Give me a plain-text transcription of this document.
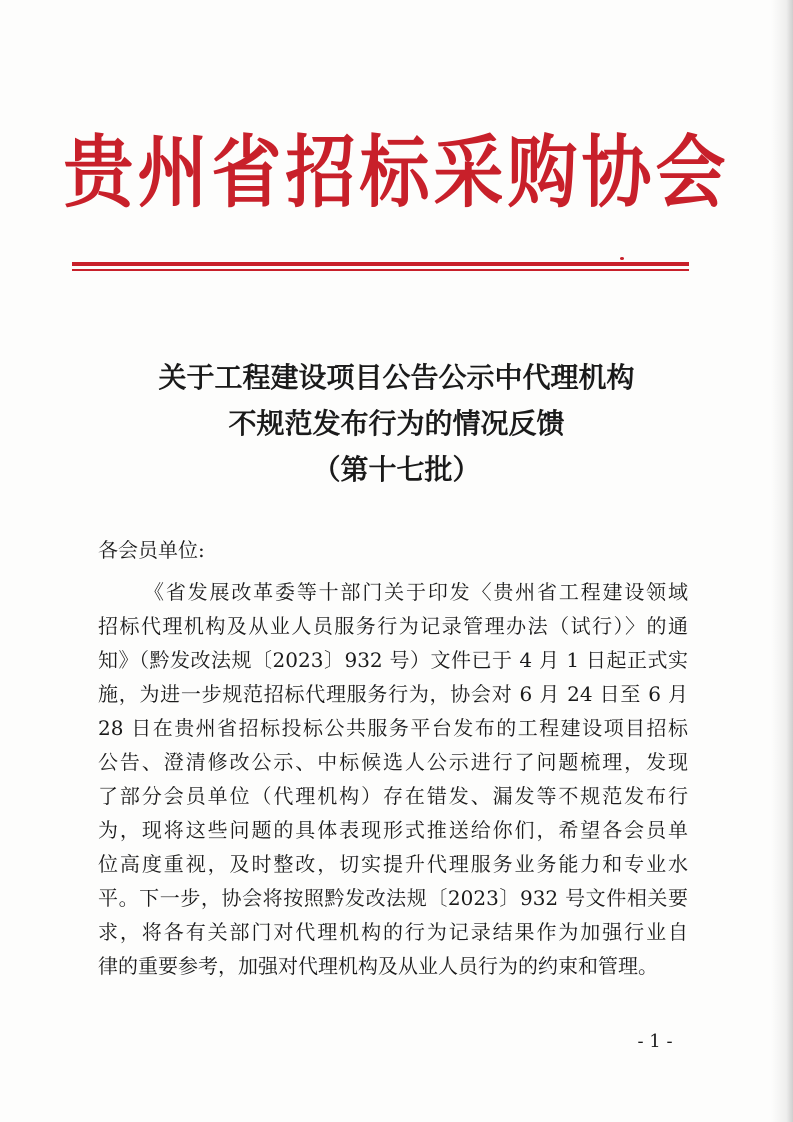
贵州省招标采购协会
关于工程建设项目公告公示中代理机构
不规范发布行为的情况反馈
（第十七批）
各会员单位:
《省发展改革委等十部门关于印发〈贵州省工程建设领域
招标代理机构及从业人员服务行为记录管理办法（试行）〉的通
知》（黔发改法规〔2023〕932 号）文件已于 4 月 1 日起正式实
施，为进一步规范招标代理服务行为，协会对 6 月 24 日至 6 月
28 日在贵州省招标投标公共服务平台发布的工程建设项目招标
公告、澄清修改公示、中标候选人公示进行了问题梳理，发现
了部分会员单位（代理机构）存在错发、漏发等不规范发布行
为，现将这些问题的具体表现形式推送给你们，希望各会员单
位高度重视，及时整改，切实提升代理服务业务能力和专业水
平。下一步，协会将按照黔发改法规〔2023〕932 号文件相关要
求，将各有关部门对代理机构的行为记录结果作为加强行业自
律的重要参考，加强对代理机构及从业人员行为的约束和管理。
- 1 -
